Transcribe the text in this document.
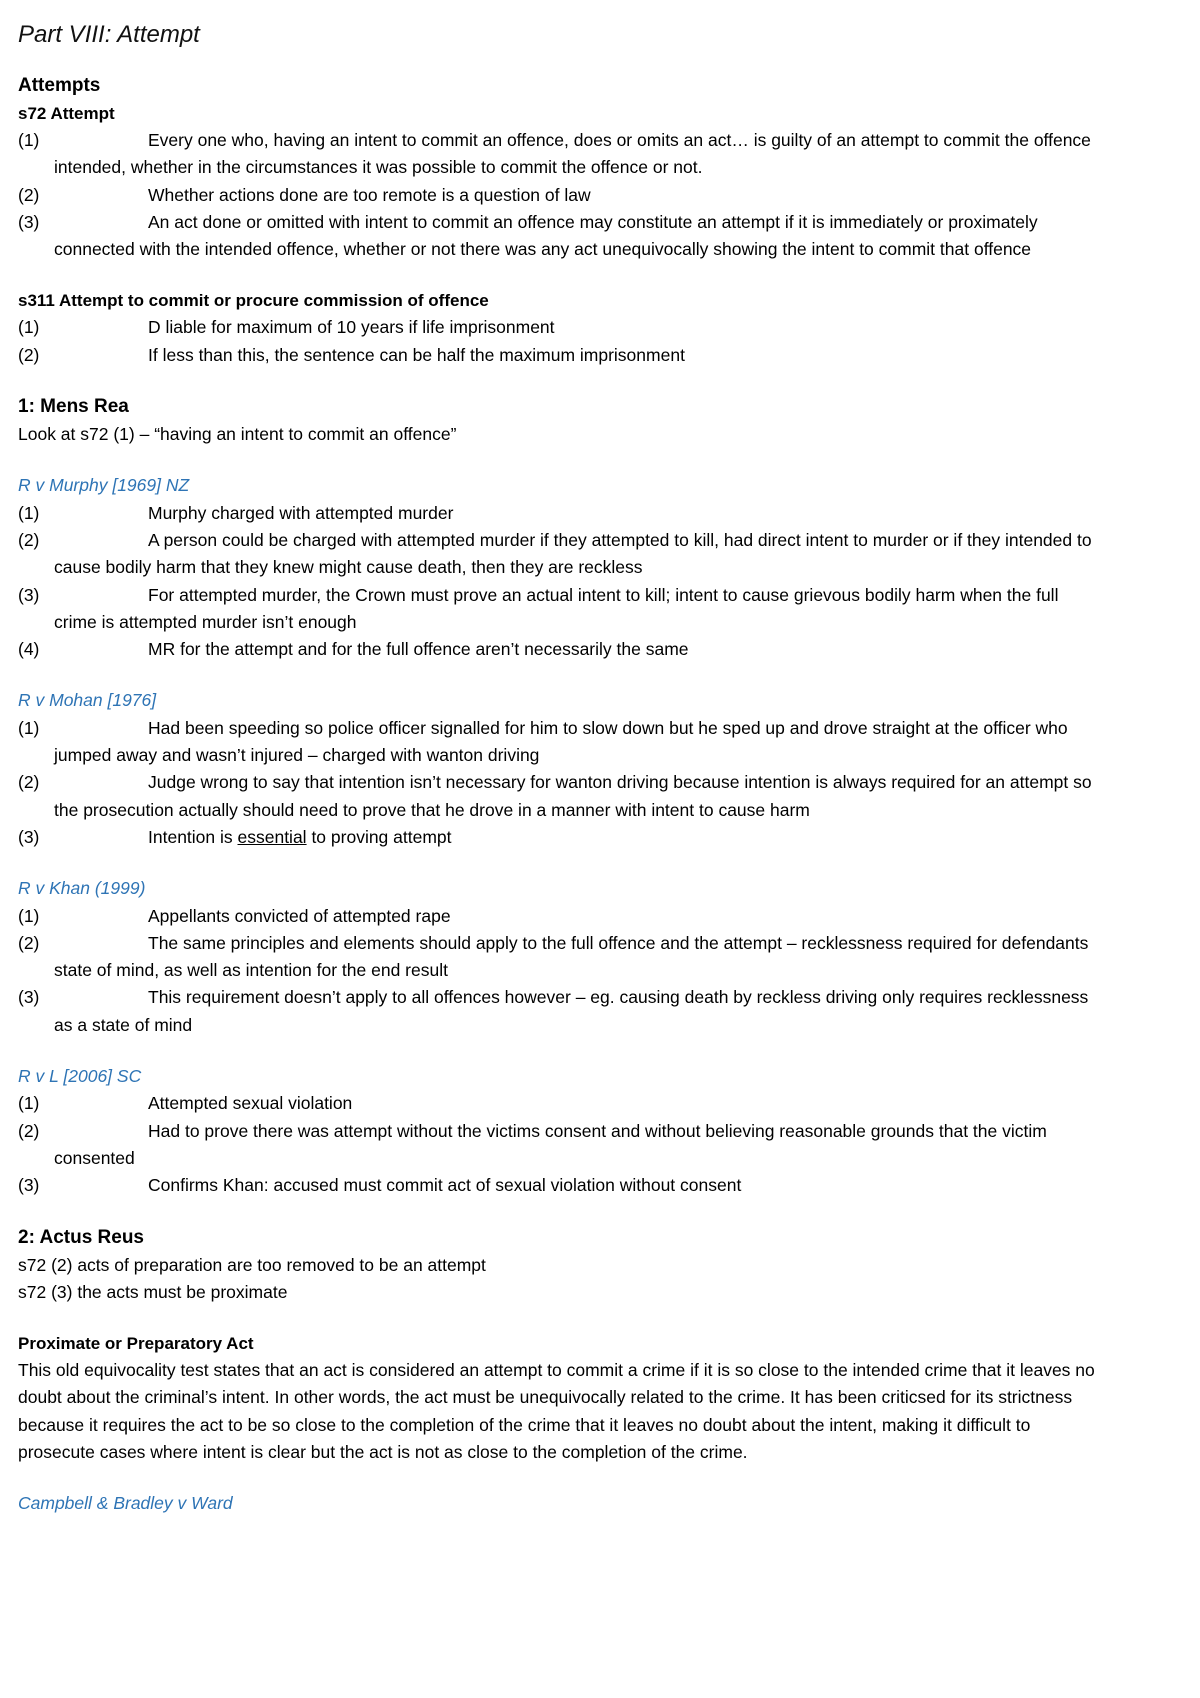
Part VIII: Attempt
Attempts
s72 Attempt
(1)	Every one who, having an intent to commit an offence, does or omits an act… is guilty of an attempt to commit the offence intended, whether in the circumstances it was possible to commit the offence or not.
(2)	Whether actions done are too remote is a question of law
(3)	An act done or omitted with intent to commit an offence may constitute an attempt if it is immediately or proximately connected with the intended offence, whether or not there was any act unequivocally showing the intent to commit that offence
s311 Attempt to commit or procure commission of offence
(1)	D liable for maximum of 10 years if life imprisonment
(2)	If less than this, the sentence can be half the maximum imprisonment
1: Mens Rea
Look at s72 (1) – “having an intent to commit an offence”
R v Murphy [1969] NZ
(1)	Murphy charged with attempted murder
(2)	A person could be charged with attempted murder if they attempted to kill, had direct intent to murder or if they intended to cause bodily harm that they knew might cause death, then they are reckless
(3)	For attempted murder, the Crown must prove an actual intent to kill; intent to cause grievous bodily harm when the full crime is attempted murder isn’t enough
(4)	MR for the attempt and for the full offence aren’t necessarily the same
R v Mohan [1976]
(1)	Had been speeding so police officer signalled for him to slow down but he sped up and drove straight at the officer who jumped away and wasn’t injured – charged with wanton driving
(2)	Judge wrong to say that intention isn’t necessary for wanton driving because intention is always required for an attempt so the prosecution actually should need to prove that he drove in a manner with intent to cause harm
(3)	Intention is essential to proving attempt
R v Khan (1999)
(1)	Appellants convicted of attempted rape
(2)	The same principles and elements should apply to the full offence and the attempt – recklessness required for defendants state of mind, as well as intention for the end result
(3)	This requirement doesn’t apply to all offences however – eg. causing death by reckless driving only requires recklessness as a state of mind
R v L [2006] SC
(1)	Attempted sexual violation
(2)	Had to prove there was attempt without the victims consent and without believing reasonable grounds that the victim consented
(3)	Confirms Khan: accused must commit act of sexual violation without consent
2: Actus Reus
s72 (2) acts of preparation are too removed to be an attempt
s72 (3) the acts must be proximate
Proximate or Preparatory Act
This old equivocality test states that an act is considered an attempt to commit a crime if it is so close to the intended crime that it leaves no doubt about the criminal’s intent. In other words, the act must be unequivocally related to the crime. It has been criticsed for its strictness because it requires the act to be so close to the completion of the crime that it leaves no doubt about the intent, making it difficult to prosecute cases where intent is clear but the act is not as close to the completion of the crime.
Campbell & Bradley v Ward
